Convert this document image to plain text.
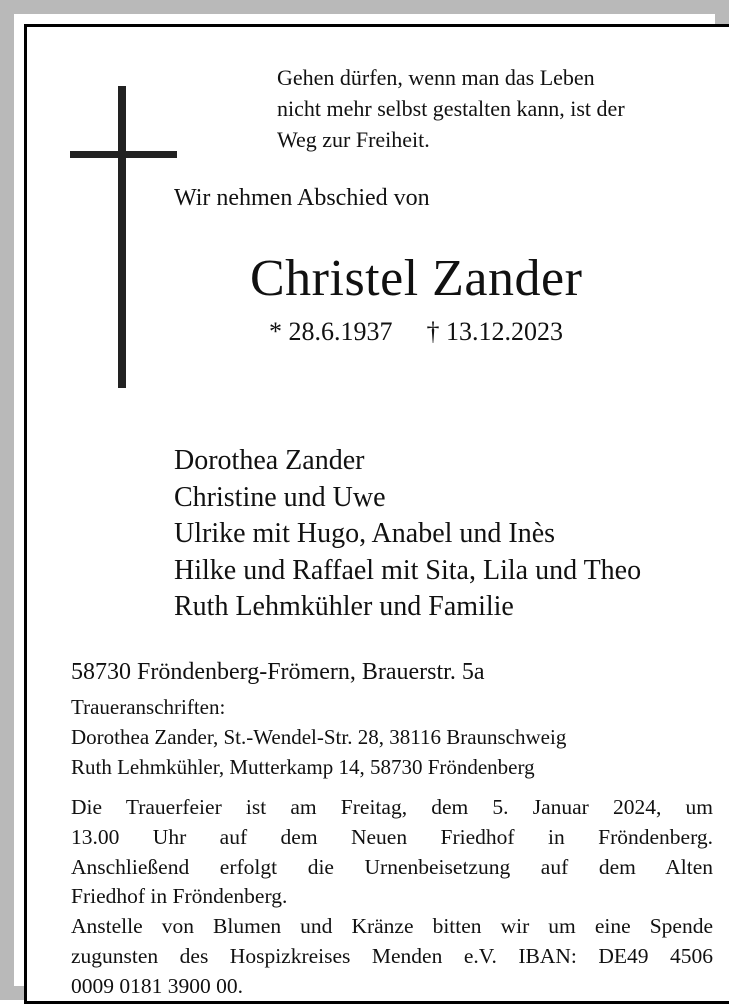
Gehen dürfen, wenn man das Leben
nicht mehr selbst gestalten kann, ist der
Weg zur Freiheit.
Wir nehmen Abschied von
Christel Zander
* 28.6.1937 † 13.12.2023
Dorothea Zander
Christine und Uwe
Ulrike mit Hugo, Anabel und Inès
Hilke und Raffael mit Sita, Lila und Theo
Ruth Lehmkühler und Familie
58730 Fröndenberg-Frömern, Brauerstr. 5a
Traueranschriften:
Dorothea Zander, St.-Wendel-Str. 28, 38116 Braunschweig
Ruth Lehmkühler, Mutterkamp 14, 58730 Fröndenberg
Die Trauerfeier ist am Freitag, dem 5. Januar 2024, um
13.00 Uhr auf dem Neuen Friedhof in Fröndenberg.
Anschließend erfolgt die Urnenbeisetzung auf dem Alten
Friedhof in Fröndenberg.
Anstelle von Blumen und Kränze bitten wir um eine Spende
zugunsten des Hospizkreises Menden e.V. IBAN: DE49 4506
0009 0181 3900 00.
